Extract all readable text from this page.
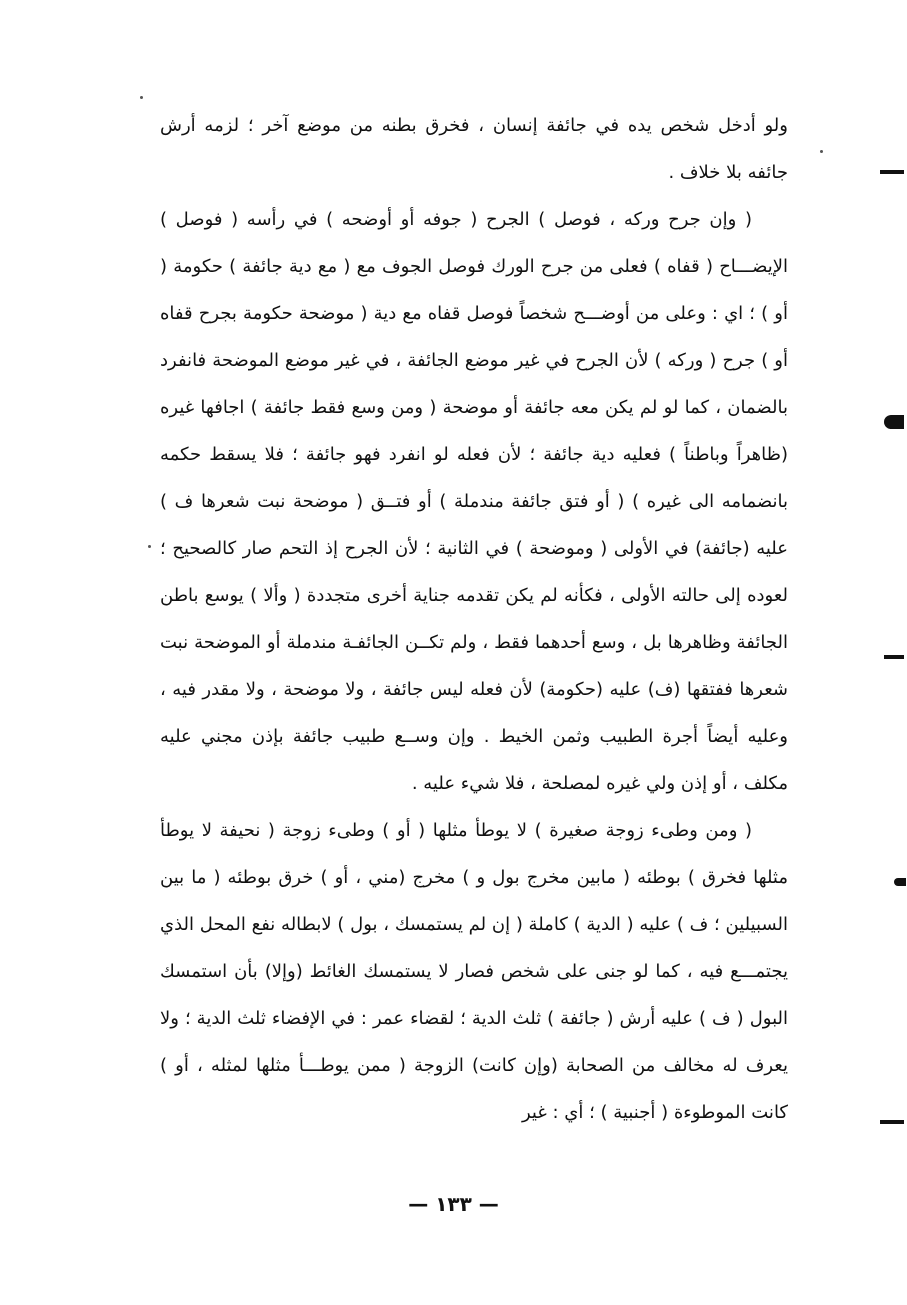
ولو أدخل شخص يده في جائفة إنسان ، فخرق بطنه من موضع آخر ؛ لزمه أرش جائفه بلا خلاف .

( وإن جرح وركه ، فوصل ) الجرح ( جوفه أو أوضحه ) في رأسه ( فوصل ) الإيضـــاح ( قفاه ) فعلى من جرح الورك فوصل الجوف مع ( مع دية جائفة ) حكومة ( أو ) ؛ اي : وعلى من أوضـــح شخصاً فوصل قفاه مع دية ( موضحة حكومة بجرح قفاه أو ) جرح ( وركه ) لأن الجرح في غير موضع الجائفة ، في غير موضع الموضحة فانفرد بالضمان ، كما لو لم يكن معه جائفة أو موضحة ( ومن وسع فقط جائفة ) اجافها غيره (ظاهراً وباطناً ) فعليه دية جائفة ؛ لأن فعله لو انفرد فهو جائفة ؛ فلا يسقط حكمه بانضمامه الى غيره ) ( أو فتق جائفة مندملة ) أو فتــق ( موضحة نبت شعرها ف ) عليه (جائفة) في الأولى ( وموضحة ) في الثانية ؛ لأن الجرح إذ التحم صار كالصحيح ؛ لعوده إلى حالته الأولى ، فكأنه لم يكن تقدمه جناية أخرى متجددة ( وألا ) يوسع باطن الجائفة وظاهرها بل ، وسع أحدهما فقط ، ولم تكــن الجائفـة مندملة أو الموضحة نبت شعرها ففتقها (ف) عليه (حكومة) لأن فعله ليس جائفة ، ولا موضحة ، ولا مقدر فيه ، وعليه أيضاً أجرة الطبيب وثمن الخيط . وإن وســع طبيب جائفة بإذن مجني عليه مكلف ، أو إذن ولي غيره لمصلحة ، فلا شيء عليه .

( ومن وطىء زوجة صغيرة ) لا يوطأ مثلها ( أو ) وطىء زوجة ( نحيفة لا يوطأ مثلها فخرق ) بوطئه ( مابين مخرج بول و ) مخرج (مني ، أو ) خرق بوطئه ( ما بين السبيلين ؛ ف ) عليه ( الدية ) كاملة ( إن لم يستمسك ، بول ) لابطاله نفع المحل الذي يجتمـــع فيه ، كما لو جنى على شخص فصار لا يستمسك الغائط (وإلا) بأن استمسك البول ( ف ) عليه أرش ( جائفة ) ثلث الدية ؛ لقضاء عمر : في الإفضاء ثلث الدية ؛ ولا يعرف له مخالف من الصحابة (وإن كانت) الزوجة ( ممن يوطـــأ مثلها لمثله ، أو ) كانت الموطوءة ( أجنبية ) ؛ أي : غير

— ١٣٣ —
